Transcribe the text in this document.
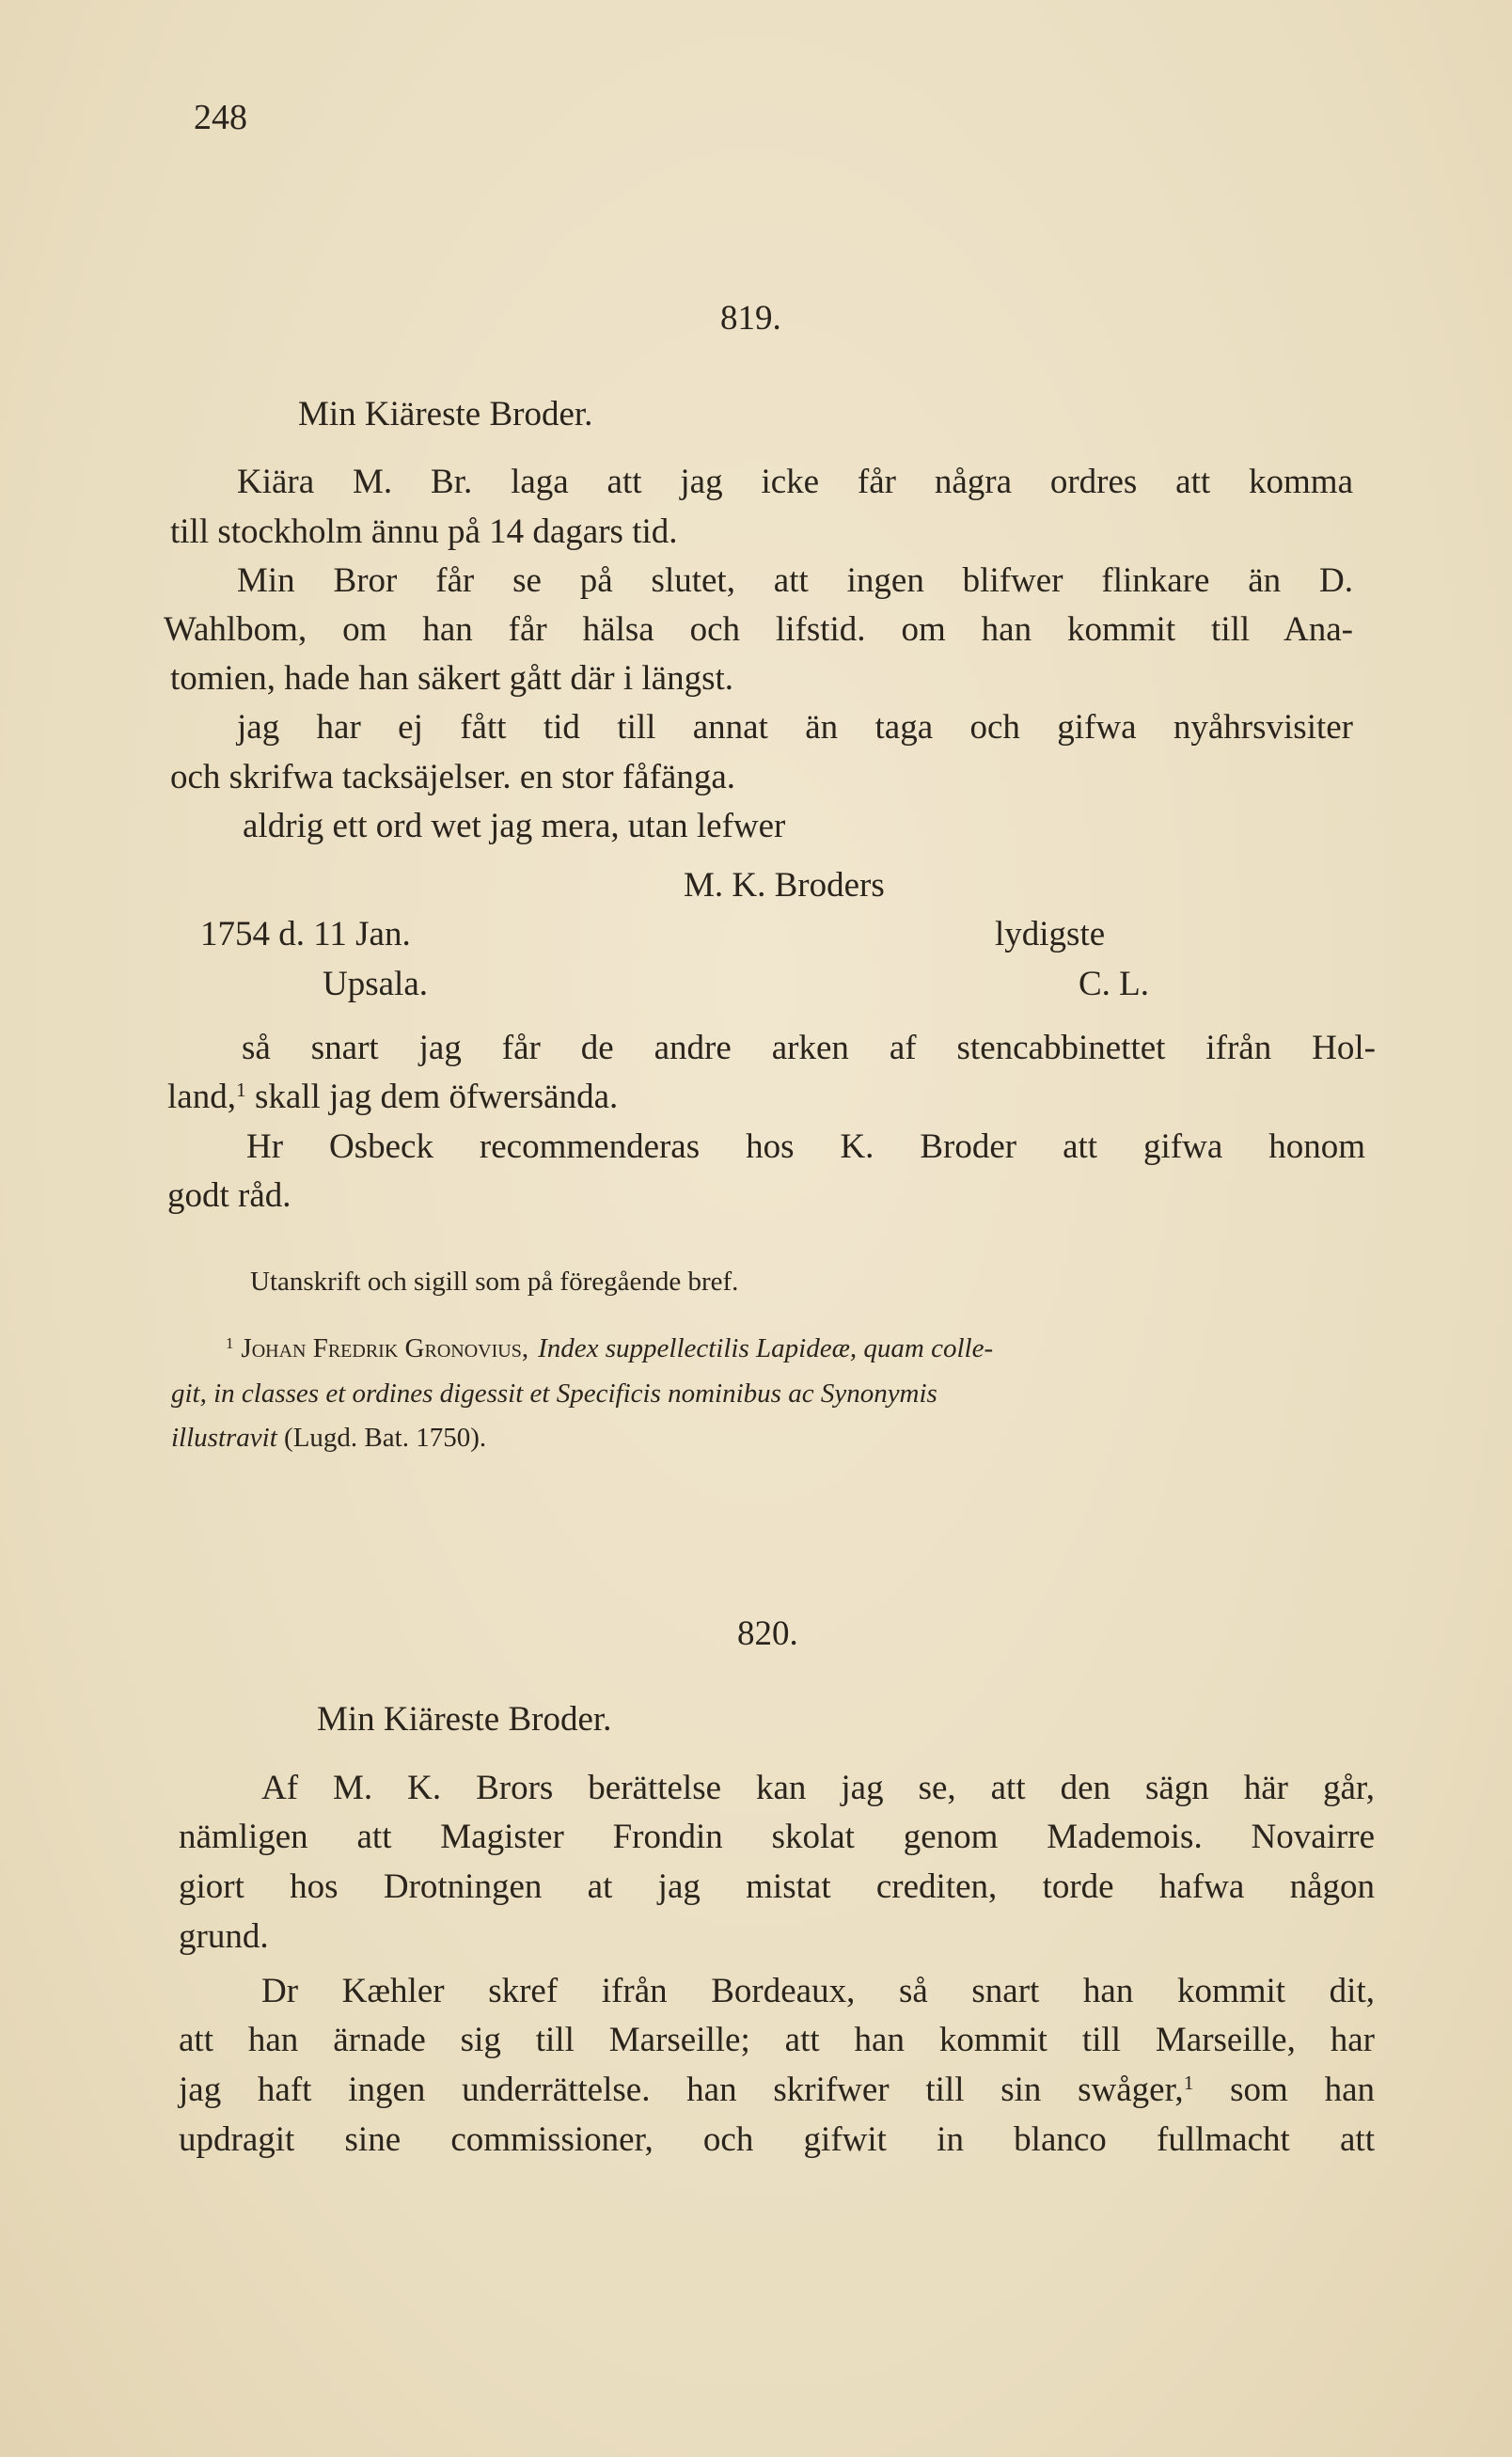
248
819.
Min Kiäreste Broder.
Kiära M. Br. laga att jag icke får några ordres att komma
till stockholm ännu på 14 dagars tid.
Min Bror får se på slutet, att ingen blifwer flinkare än D.
Wahlbom, om han får hälsa och lifstid. om han kommit till Ana-
tomien, hade han säkert gått där i längst.
jag har ej fått tid till annat än taga och gifwa nyåhrsvisiter
och skrifwa tacksäjelser. en stor fåfänga.
aldrig ett ord wet jag mera, utan lefwer
M. K. Broders
1754 d. 11 Jan.	lydigste
Upsala.	C. L.
så snart jag får de andre arken af stencabbinettet ifrån Hol-
land,$^1$ skall jag dem öfwersända.
Hr Osbeck recommenderas hos K. Broder att gifwa honom
godt råd.
Utanskrift och sigill som på föregående bref.
$^1$ Johan Fredrik Gronovius, Index suppellectilis Lapideæ, quam colle-
git, in classes et ordines digessit et Specificis nominibus ac Synonymis
illustravit (Lugd. Bat. 1750).
820.
Min Kiäreste Broder.
Af M. K. Brors berättelse kan jag se, att den sägn här går,
nämligen att Magister Frondin skolat genom Mademois. Novairre
giort hos Drotningen at jag mistat crediten, torde hafwa någon
grund.
Dr Kæhler skref ifrån Bordeaux, så snart han kommit dit,
att han ärnade sig till Marseille; att han kommit till Marseille, har
jag haft ingen underrättelse. han skrifwer till sin swåger,$^1$ som han
updragit sine commissioner, och gifwit in blanco fullmacht att
